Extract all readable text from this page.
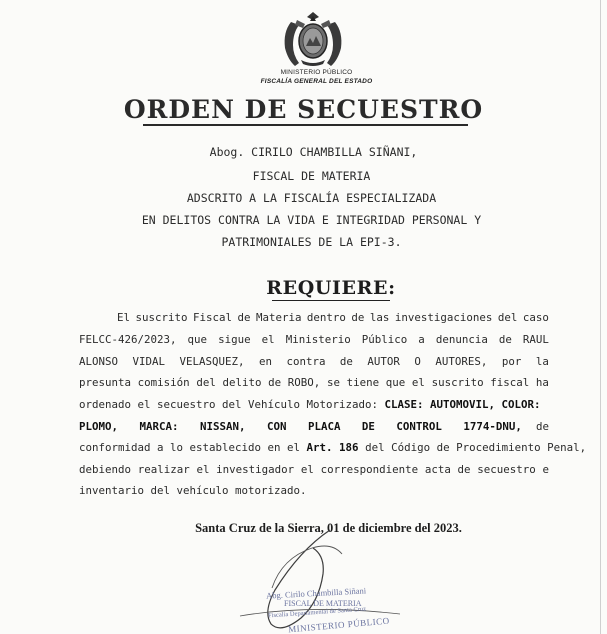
MINISTERIO PÚBLICO
FISCALÍA GENERAL DEL ESTADO
ORDEN DE SECUESTRO
Abog. CIRILO CHAMBILLA SIÑANI,
FISCAL DE MATERIA
ADSCRITO A LA FISCALÍA ESPECIALIZADA
EN DELITOS CONTRA LA VIDA E INTEGRIDAD PERSONAL Y
PATRIMONIALES DE LA EPI-3.
REQUIERE:
El suscrito Fiscal de Materia dentro de las investigaciones del caso
FELCC-426/2023, que sigue el Ministerio Público a denuncia de RAUL
ALONSO VIDAL VELASQUEZ, en contra de AUTOR O AUTORES, por la
presunta comisión del delito de ROBO, se tiene que el suscrito fiscal ha
ordenado el secuestro del Vehículo Motorizado: CLASE: AUTOMOVIL, COLOR:
PLOMO, MARCA: NISSAN, CON PLACA DE CONTROL 1774-DNU, de
conformidad a lo establecido en el Art. 186 del Código de Procedimiento Penal,
debiendo realizar el investigador el correspondiente acta de secuestro e
inventario del vehículo motorizado.
Santa Cruz de la Sierra, 01 de diciembre del 2023.
Abg. Cirilo Chambilla Siñani
FISCAL DE MATERIA
Fiscalía Departamental de Santa Cruz
MINISTERIO PÚBLICO
